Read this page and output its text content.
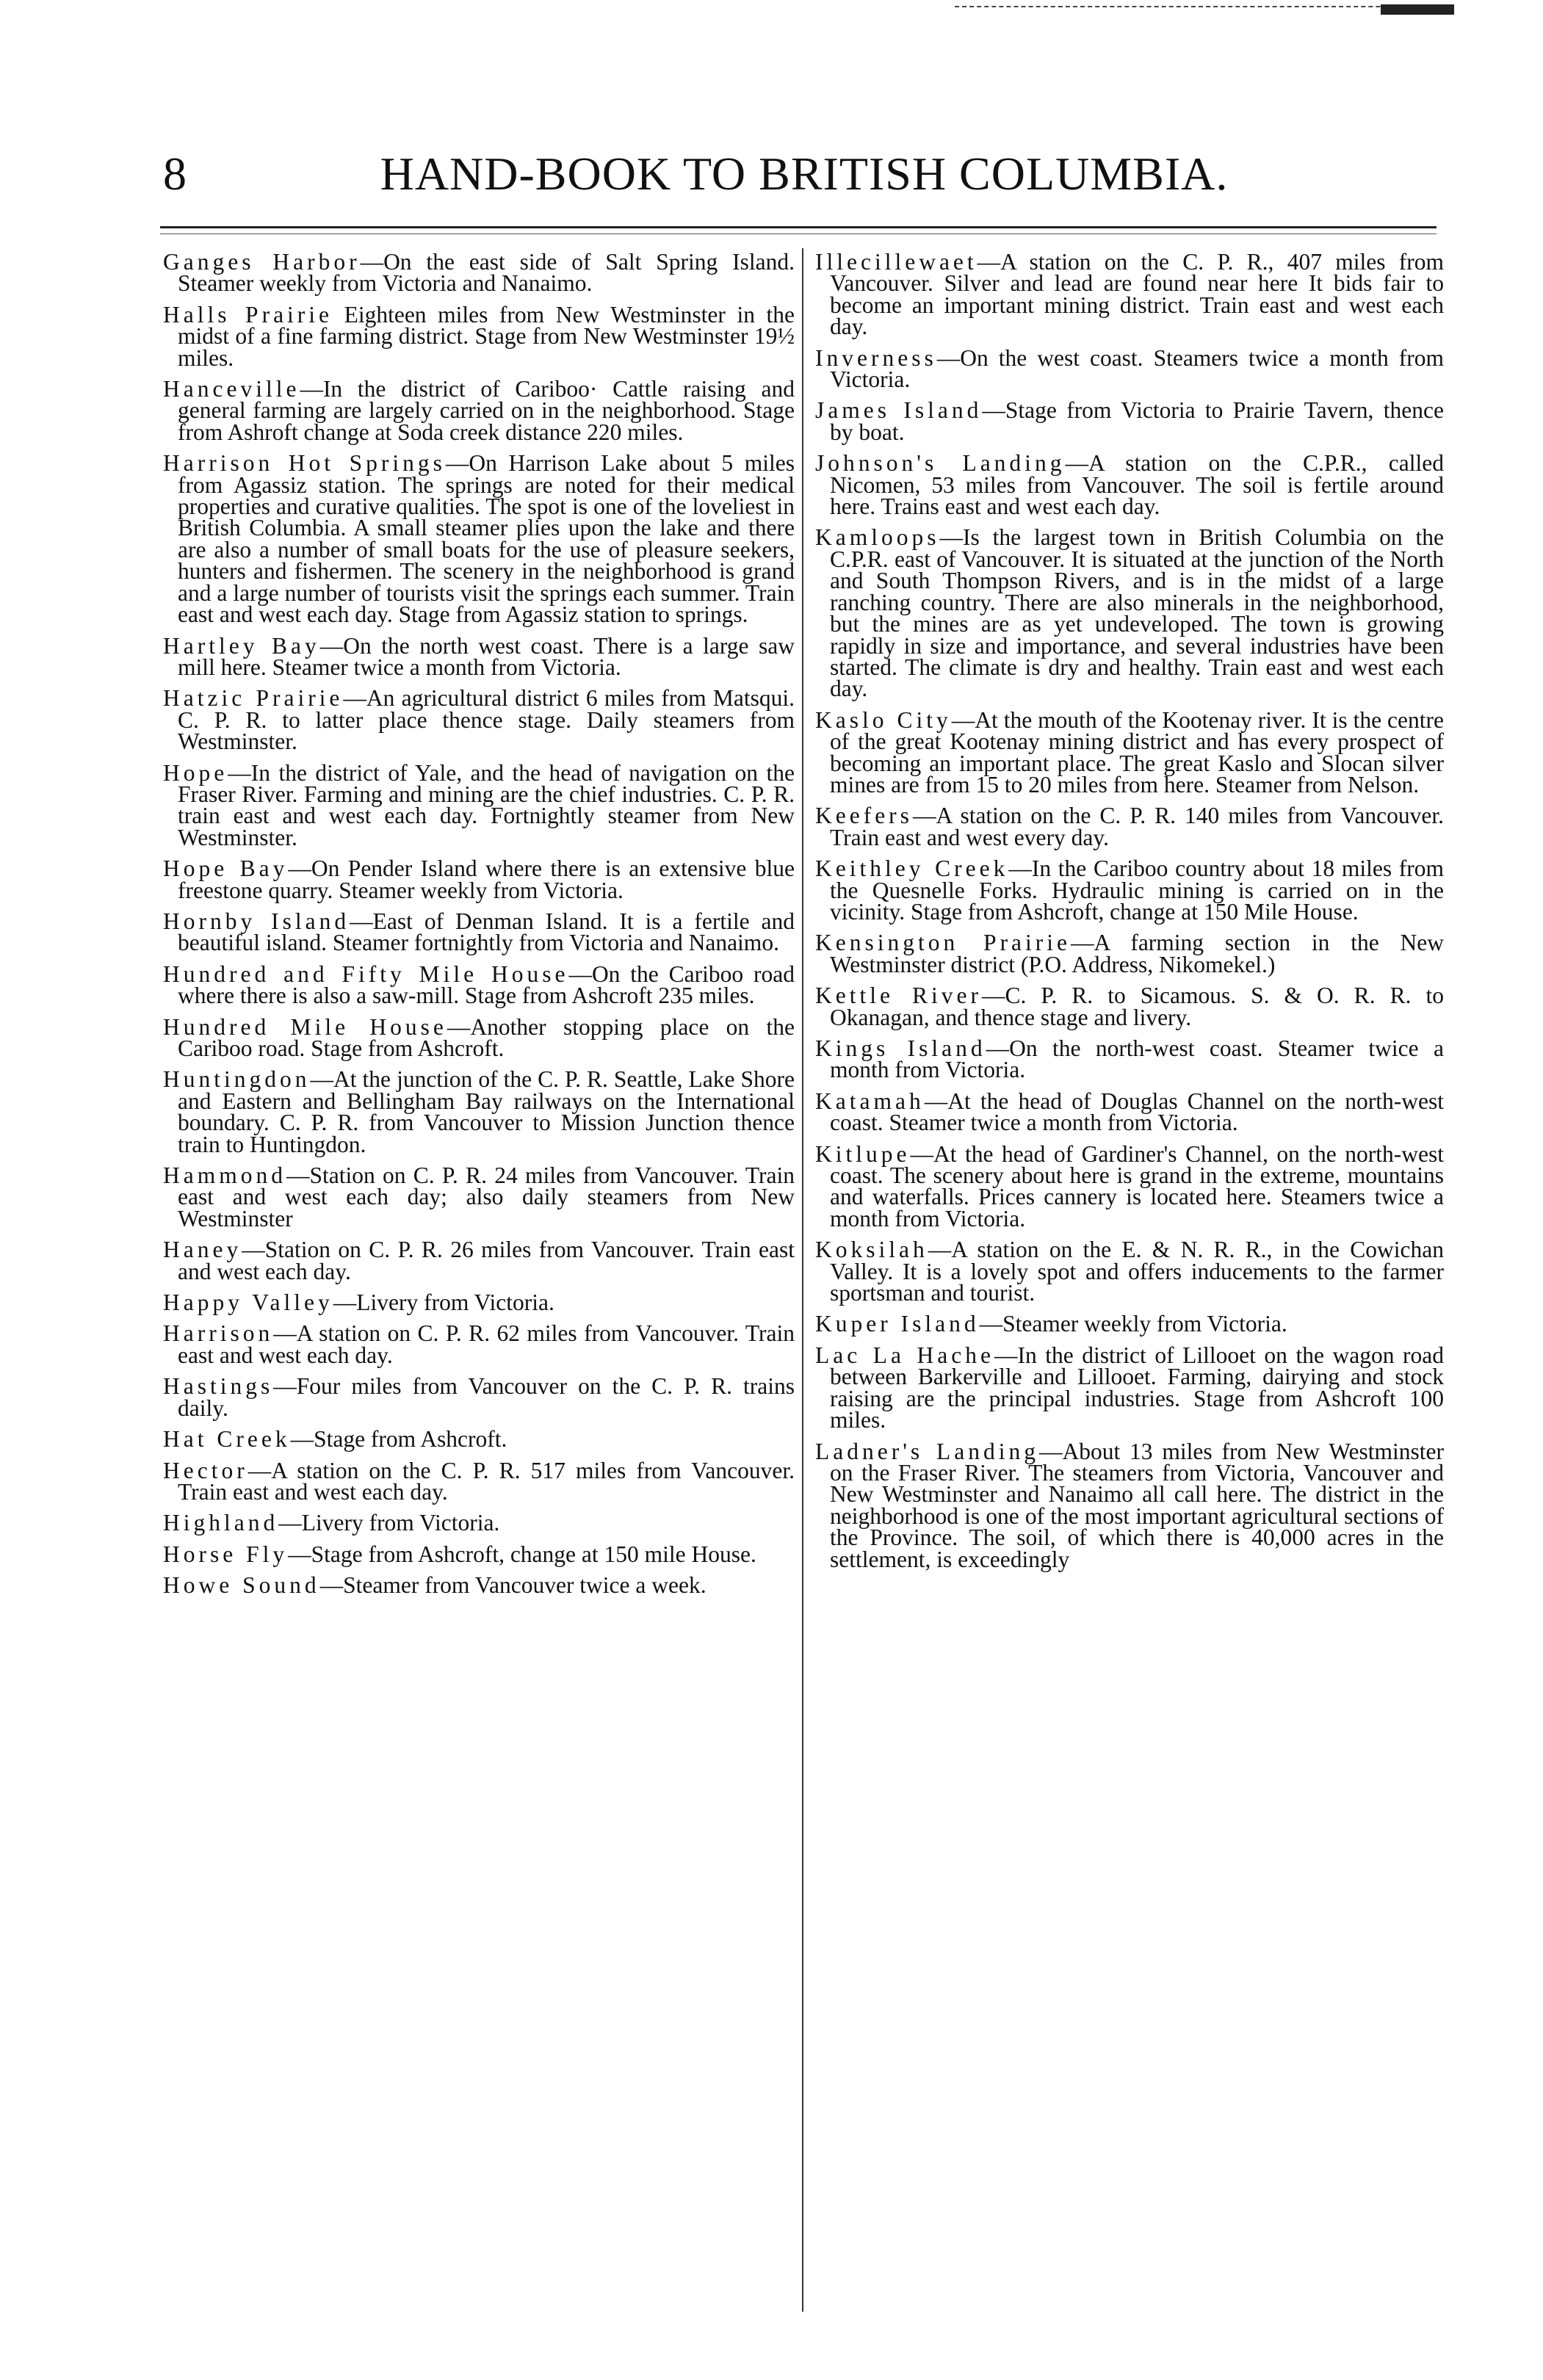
8	HAND-BOOK TO BRITISH COLUMBIA.

Ganges Harbor—On the east side of Salt Spring Island. Steamer weekly from Victoria and Nanaimo.

Halls Prairie Eighteen miles from New Westminster in the midst of a fine farming district. Stage from New Westminster 19½ miles.

Hanceville—In the district of Cariboo· Cattle raising and general farming are largely carried on in the neighborhood. Stage from Ashroft change at Soda creek distance 220 miles.

Harrison Hot Springs—On Harrison Lake about 5 miles from Agassiz station. The springs are noted for their medical properties and curative qualities. The spot is one of the loveliest in British Columbia. A small steamer plies upon the lake and there are also a number of small boats for the use of pleasure seekers, hunters and fishermen. The scenery in the neighborhood is grand and a large number of tourists visit the springs each summer. Train east and west each day. Stage from Agassiz station to springs.

Hartley Bay—On the north west coast. There is a large saw mill here. Steamer twice a month from Victoria.

Hatzic Prairie—An agricultural district 6 miles from Matsqui. C. P. R. to latter place thence stage. Daily steamers from Westminster.

Hope—In the district of Yale, and the head of navigation on the Fraser River. Farming and mining are the chief industries. C. P. R. train east and west each day. Fortnightly steamer from New Westminster.

Hope Bay—On Pender Island where there is an extensive blue freestone quarry. Steamer weekly from Victoria.

Hornby Island—East of Denman Island. It is a fertile and beautiful island. Steamer fortnightly from Victoria and Nanaimo.

Hundred and Fifty Mile House—On the Cariboo road where there is also a saw-mill. Stage from Ashcroft 235 miles.

Hundred Mile House—Another stopping place on the Cariboo road. Stage from Ashcroft.

Huntingdon—At the junction of the C. P. R. Seattle, Lake Shore and Eastern and Bellingham Bay railways on the International boundary. C. P. R. from Vancouver to Mission Junction thence train to Huntingdon.

Hammond—Station on C. P. R. 24 miles from Vancouver. Train east and west each day; also daily steamers from New Westminster

Haney—Station on C. P. R. 26 miles from Vancouver. Train east and west each day.

Happy Valley—Livery from Victoria.

Harrison—A station on C. P. R. 62 miles from Vancouver. Train east and west each day.

Hastings—Four miles from Vancouver on the C. P. R. trains daily.

Hat Creek—Stage from Ashcroft.

Hector—A station on the C. P. R. 517 miles from Vancouver. Train east and west each day.

Highland—Livery from Victoria.

Horse Fly—Stage from Ashcroft, change at 150 mile House.

Howe Sound—Steamer from Vancouver twice a week.

Illecillewaet—A station on the C. P. R., 407 miles from Vancouver. Silver and lead are found near here It bids fair to become an important mining district. Train east and west each day.

Inverness—On the west coast. Steamers twice a month from Victoria.

James Island—Stage from Victoria to Prairie Tavern, thence by boat.

Johnson's Landing—A station on the C.P.R., called Nicomen, 53 miles from Vancouver. The soil is fertile around here. Trains east and west each day.

Kamloops—Is the largest town in British Columbia on the C.P.R. east of Vancouver. It is situated at the junction of the North and South Thompson Rivers, and is in the midst of a large ranching country. There are also minerals in the neighborhood, but the mines are as yet undeveloped. The town is growing rapidly in size and importance, and several industries have been started. The climate is dry and healthy. Train east and west each day.

Kaslo City—At the mouth of the Kootenay river. It is the centre of the great Kootenay mining district and has every prospect of becoming an important place. The great Kaslo and Slocan silver mines are from 15 to 20 miles from here. Steamer from Nelson.

Keefers—A station on the C. P. R. 140 miles from Vancouver. Train east and west every day.

Keithley Creek—In the Cariboo country about 18 miles from the Quesnelle Forks. Hydraulic mining is carried on in the vicinity. Stage from Ashcroft, change at 150 Mile House.

Kensington Prairie—A farming section in the New Westminster district (P.O. Address, Nikomekel.)

Kettle River—C. P. R. to Sicamous. S. & O. R. R. to Okanagan, and thence stage and livery.

Kings Island—On the north-west coast. Steamer twice a month from Victoria.

Katamah—At the head of Douglas Channel on the north-west coast. Steamer twice a month from Victoria.

Kitlupe—At the head of Gardiner's Channel, on the north-west coast. The scenery about here is grand in the extreme, mountains and waterfalls. Prices cannery is located here. Steamers twice a month from Victoria.

Koksilah—A station on the E. & N. R. R., in the Cowichan Valley. It is a lovely spot and offers inducements to the farmer sportsman and tourist.

Kuper Island—Steamer weekly from Victoria.

Lac La Hache—In the district of Lillooet on the wagon road between Barkerville and Lillooet. Farming, dairying and stock raising are the principal industries. Stage from Ashcroft 100 miles.

Ladner's Landing—About 13 miles from New Westminster on the Fraser River. The steamers from Victoria, Vancouver and New Westminster and Nanaimo all call here. The district in the neighborhood is one of the most important agricultural sections of the Province. The soil, of which there is 40,000 acres in the settlement, is exceedingly
